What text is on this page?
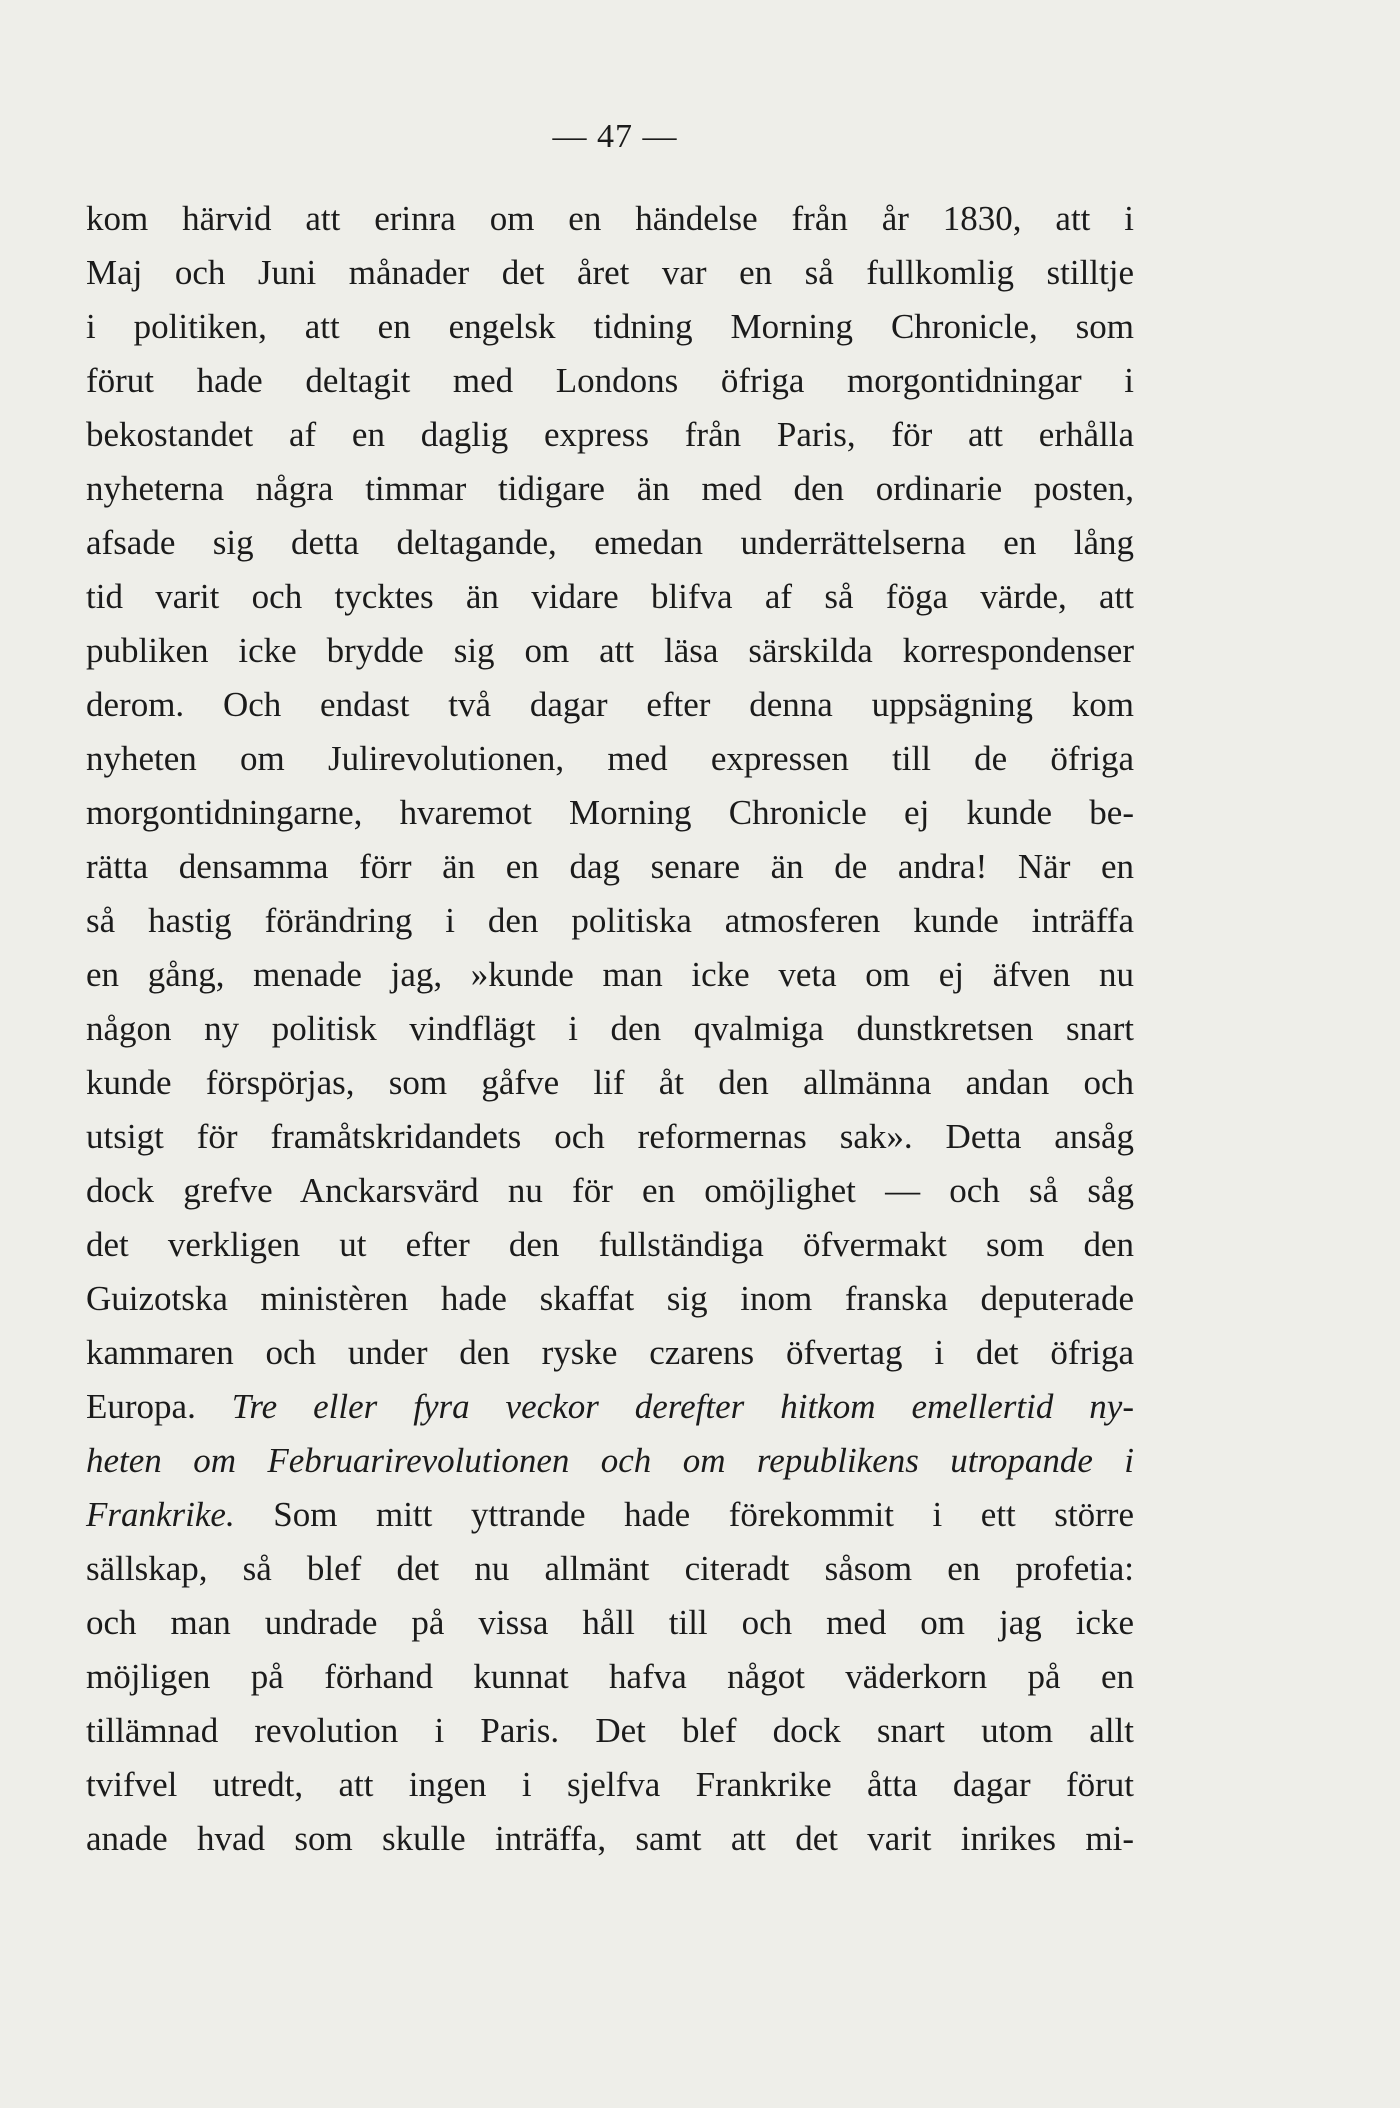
— 47 —
kom härvid att erinra om en händelse från år 1830, att i
Maj och Juni månader det året var en så fullkomlig stilltje
i politiken, att en engelsk tidning Morning Chronicle, som
förut hade deltagit med Londons öfriga morgontidningar i
bekostandet af en daglig express från Paris, för att erhålla
nyheterna några timmar tidigare än med den ordinarie posten,
afsade sig detta deltagande, emedan underrättelserna en lång
tid varit och tycktes än vidare blifva af så föga värde, att
publiken icke brydde sig om att läsa särskilda korrespondenser
derom. Och endast två dagar efter denna uppsägning kom
nyheten om Julirevolutionen, med expressen till de öfriga
morgontidningarne, hvaremot Morning Chronicle ej kunde be-
rätta densamma förr än en dag senare än de andra! När en
så hastig förändring i den politiska atmosferen kunde inträffa
en gång, menade jag, »kunde man icke veta om ej äfven nu
någon ny politisk vindflägt i den qvalmiga dunstkretsen snart
kunde förspörjas, som gåfve lif åt den allmänna andan och
utsigt för framåtskridandets och reformernas sak». Detta ansåg
dock grefve Anckarsvärd nu för en omöjlighet — och så såg
det verkligen ut efter den fullständiga öfvermakt som den
Guizotska ministèren hade skaffat sig inom franska deputerade
kammaren och under den ryske czarens öfvertag i det öfriga
Europa. Tre eller fyra veckor derefter hitkom emellertid ny-
heten om Februarirevolutionen och om republikens utropande i
Frankrike. Som mitt yttrande hade förekommit i ett större
sällskap, så blef det nu allmänt citeradt såsom en profetia:
och man undrade på vissa håll till och med om jag icke
möjligen på förhand kunnat hafva något väderkorn på en
tillämnad revolution i Paris. Det blef dock snart utom allt
tvifvel utredt, att ingen i sjelfva Frankrike åtta dagar förut
anade hvad som skulle inträffa, samt att det varit inrikes mi-
